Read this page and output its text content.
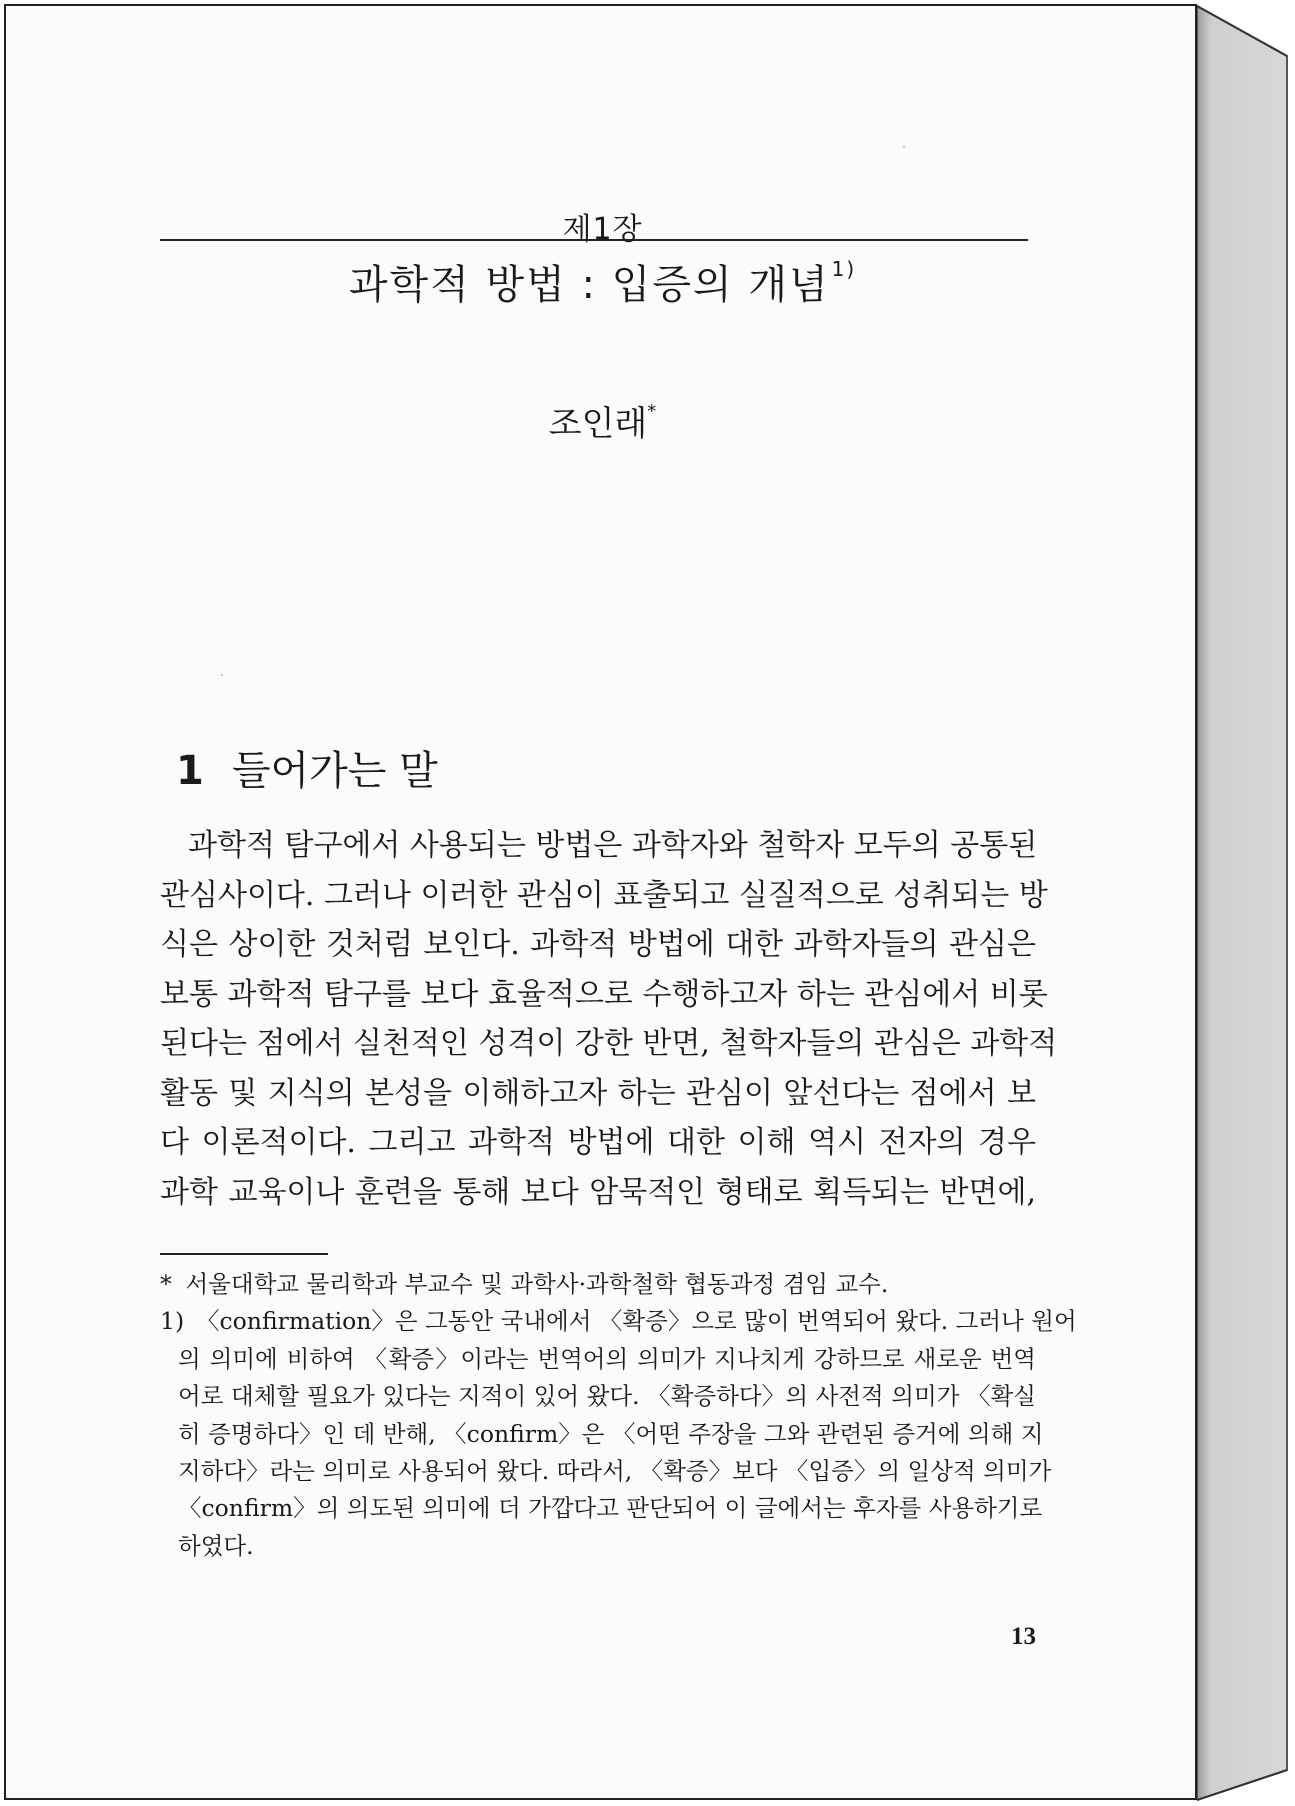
제1장
과학적 방법 : 입증의 개념 $^{1)}$
조인래*
1 들어가는 말
과학적 탐구에서 사용되는 방법은 과학자와 철학자 모두의 공통된
관심사이다. 그러나 이러한 관심이 표출되고 실질적으로 성취되는 방
식은 상이한 것처럼 보인다. 과학적 방법에 대한 과학자들의 관심은
보통 과학적 탐구를 보다 효율적으로 수행하고자 하는 관심에서 비롯
된다는 점에서 실천적인 성격이 강한 반면, 철학자들의 관심은 과학적
활동 및 지식의 본성을 이해하고자 하는 관심이 앞선다는 점에서 보
다 이론적이다. 그리고 과학적 방법에 대한 이해 역시 전자의 경우
과학 교육이나 훈련을 통해 보다 암묵적인 형태로 획득되는 반면에,
* 서울대학교 물리학과 부교수 및 과학사·과학철학 협동과정 겸임 교수.
1) 〈confirmation〉은 그동안 국내에서 〈확증〉으로 많이 번역되어 왔다. 그러나 원어
의 의미에 비하여 〈확증〉이라는 번역어의 의미가 지나치게 강하므로 새로운 번역
어로 대체할 필요가 있다는 지적이 있어 왔다. 〈확증하다〉의 사전적 의미가 〈확실
히 증명하다〉인 데 반해, 〈confirm〉은 〈어떤 주장을 그와 관련된 증거에 의해 지
지하다〉라는 의미로 사용되어 왔다. 따라서, 〈확증〉보다 〈입증〉의 일상적 의미가
〈confirm〉의 의도된 의미에 더 가깝다고 판단되어 이 글에서는 후자를 사용하기로
하였다.
13
